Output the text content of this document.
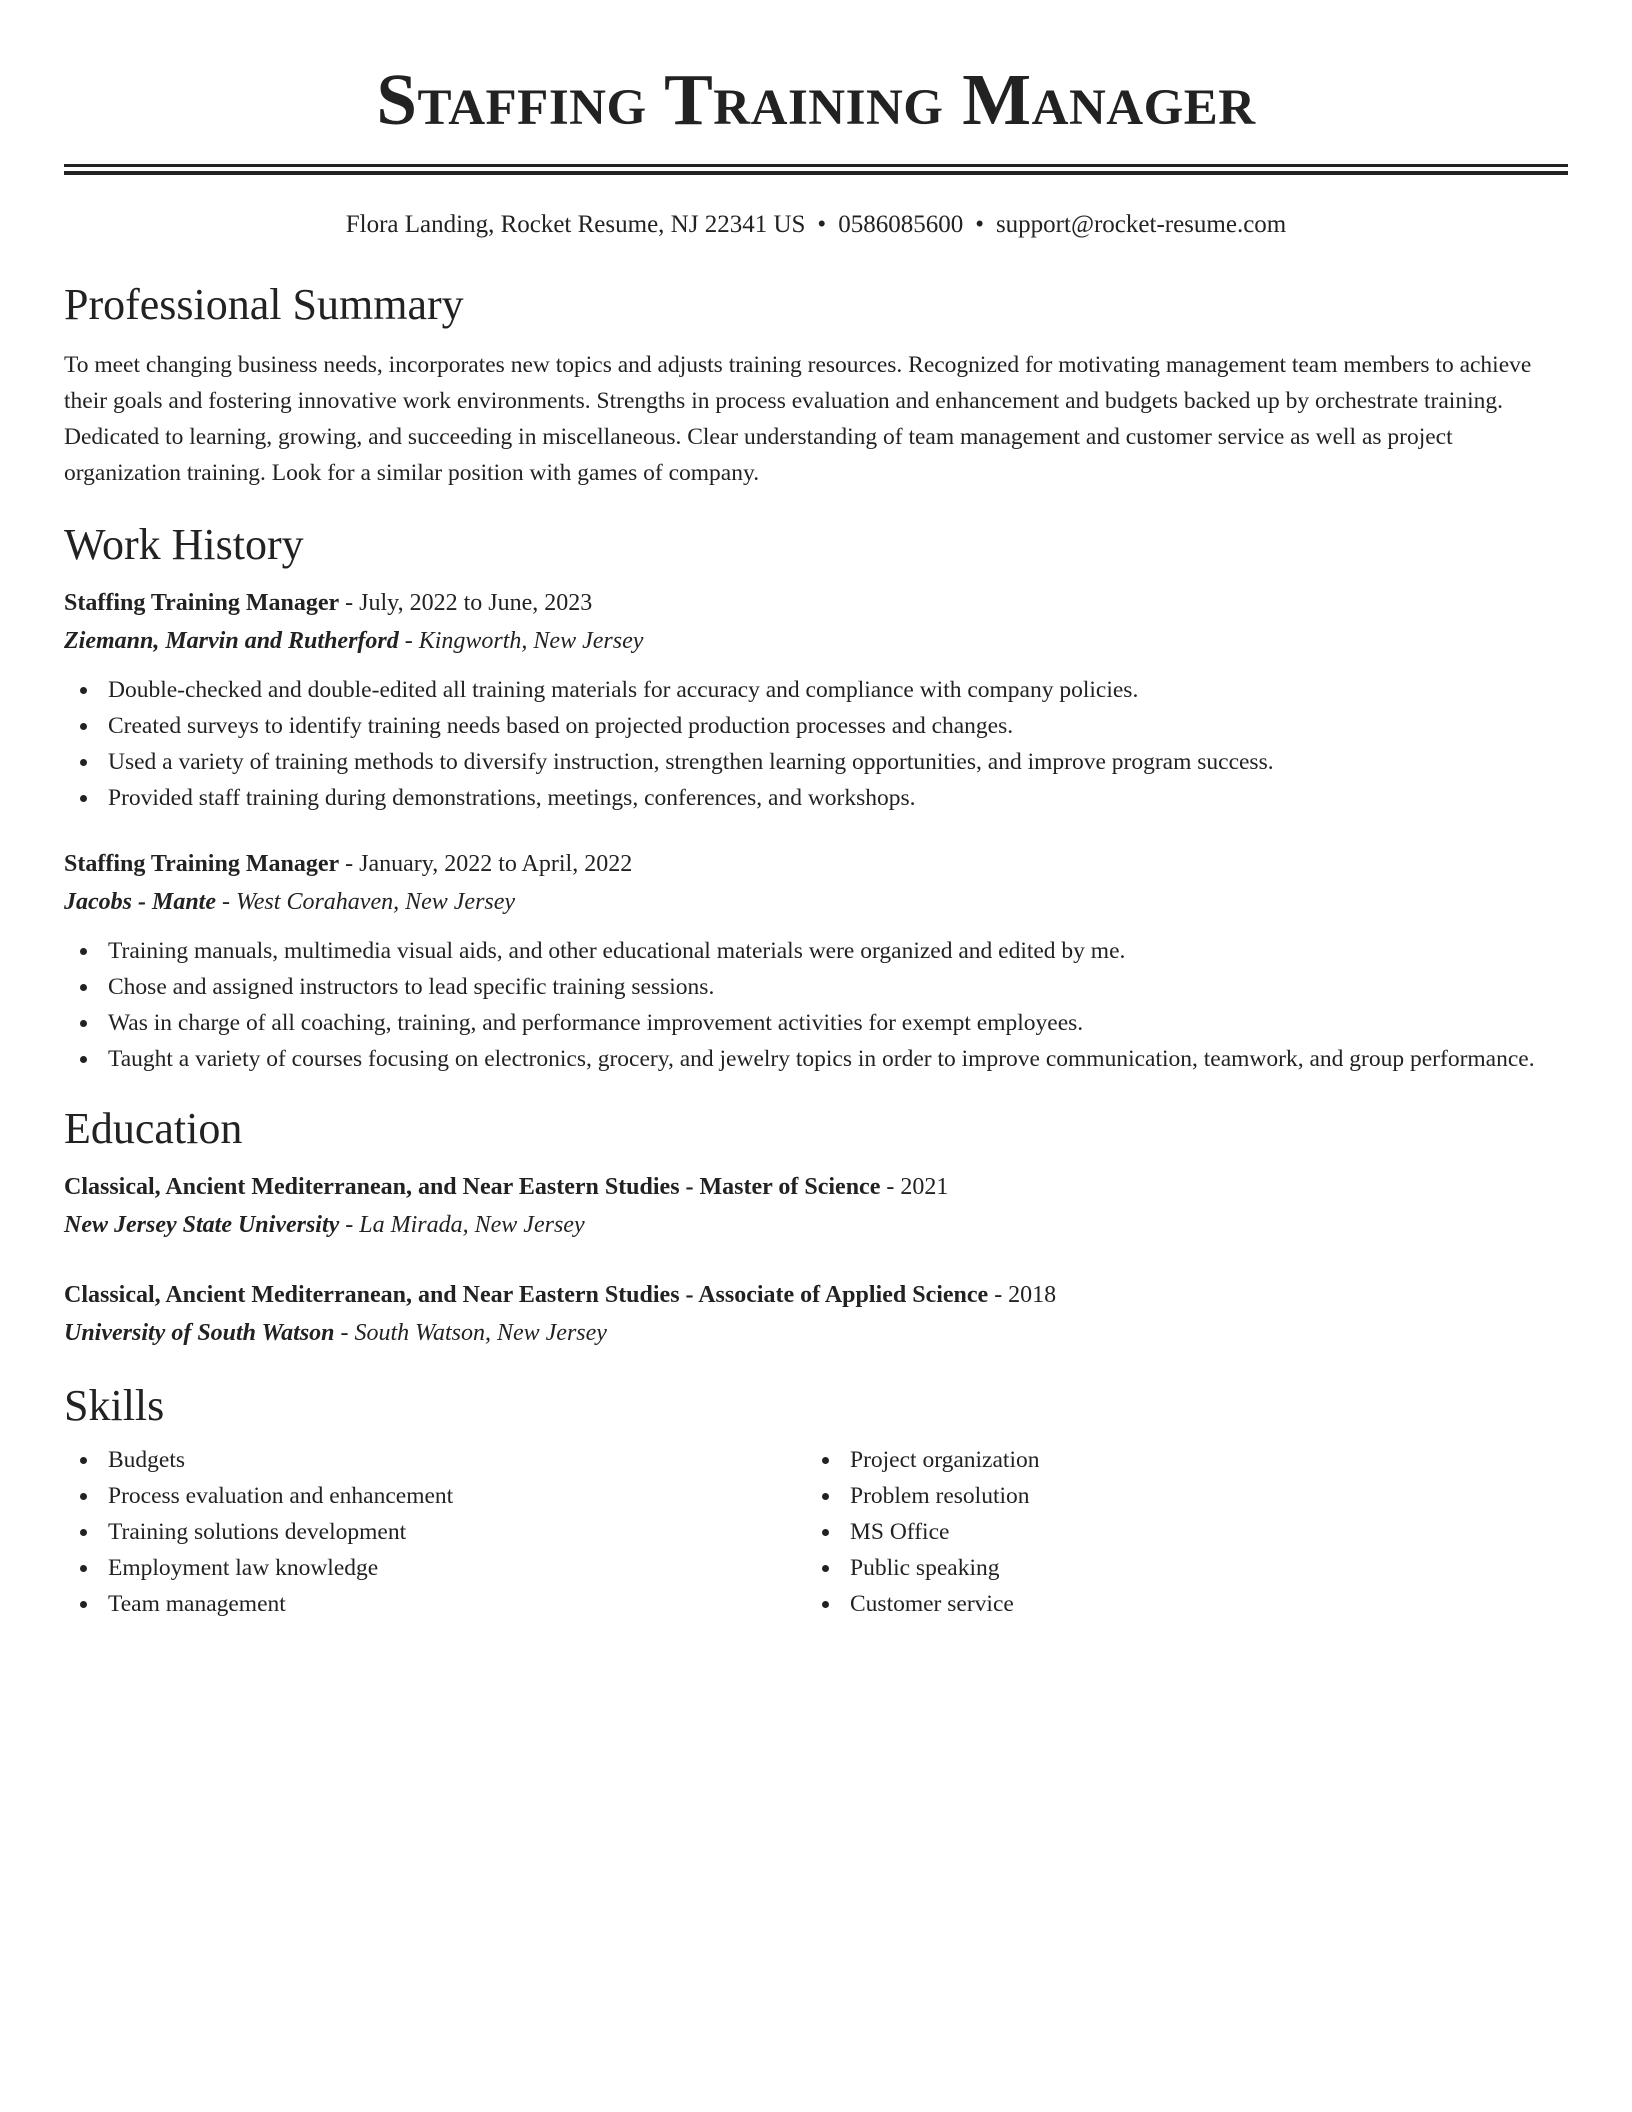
Staffing Training Manager
Flora Landing, Rocket Resume, NJ 22341 US • 0586085600 • support@rocket-resume.com
Professional Summary

To meet changing business needs, incorporates new topics and adjusts training resources. Recognized for motivating management team members to achieve their goals and fostering innovative work environments. Strengths in process evaluation and enhancement and budgets backed up by orchestrate training. Dedicated to learning, growing, and succeeding in miscellaneous. Clear understanding of team management and customer service as well as project organization training. Look for a similar position with games of company.

Work History
Staffing Training Manager - July, 2022 to June, 2023
Ziemann, Marvin and Rutherford - Kingworth, New Jersey
Double-checked and double-edited all training materials for accuracy and compliance with company policies.
Created surveys to identify training needs based on projected production processes and changes.
Used a variety of training methods to diversify instruction, strengthen learning opportunities, and improve program success.
Provided staff training during demonstrations, meetings, conferences, and workshops.
Staffing Training Manager - January, 2022 to April, 2022
Jacobs - Mante - West Corahaven, New Jersey
Training manuals, multimedia visual aids, and other educational materials were organized and edited by me.
Chose and assigned instructors to lead specific training sessions.
Was in charge of all coaching, training, and performance improvement activities for exempt employees.
Taught a variety of courses focusing on electronics, grocery, and jewelry topics in order to improve communication, teamwork, and group performance.
Education
Classical, Ancient Mediterranean, and Near Eastern Studies - Master of Science - 2021
New Jersey State University - La Mirada, New Jersey
Classical, Ancient Mediterranean, and Near Eastern Studies - Associate of Applied Science - 2018
University of South Watson - South Watson, New Jersey
Skills
Budgets
Process evaluation and enhancement
Training solutions development
Employment law knowledge
Team management
Project organization
Problem resolution
MS Office
Public speaking
Customer service
